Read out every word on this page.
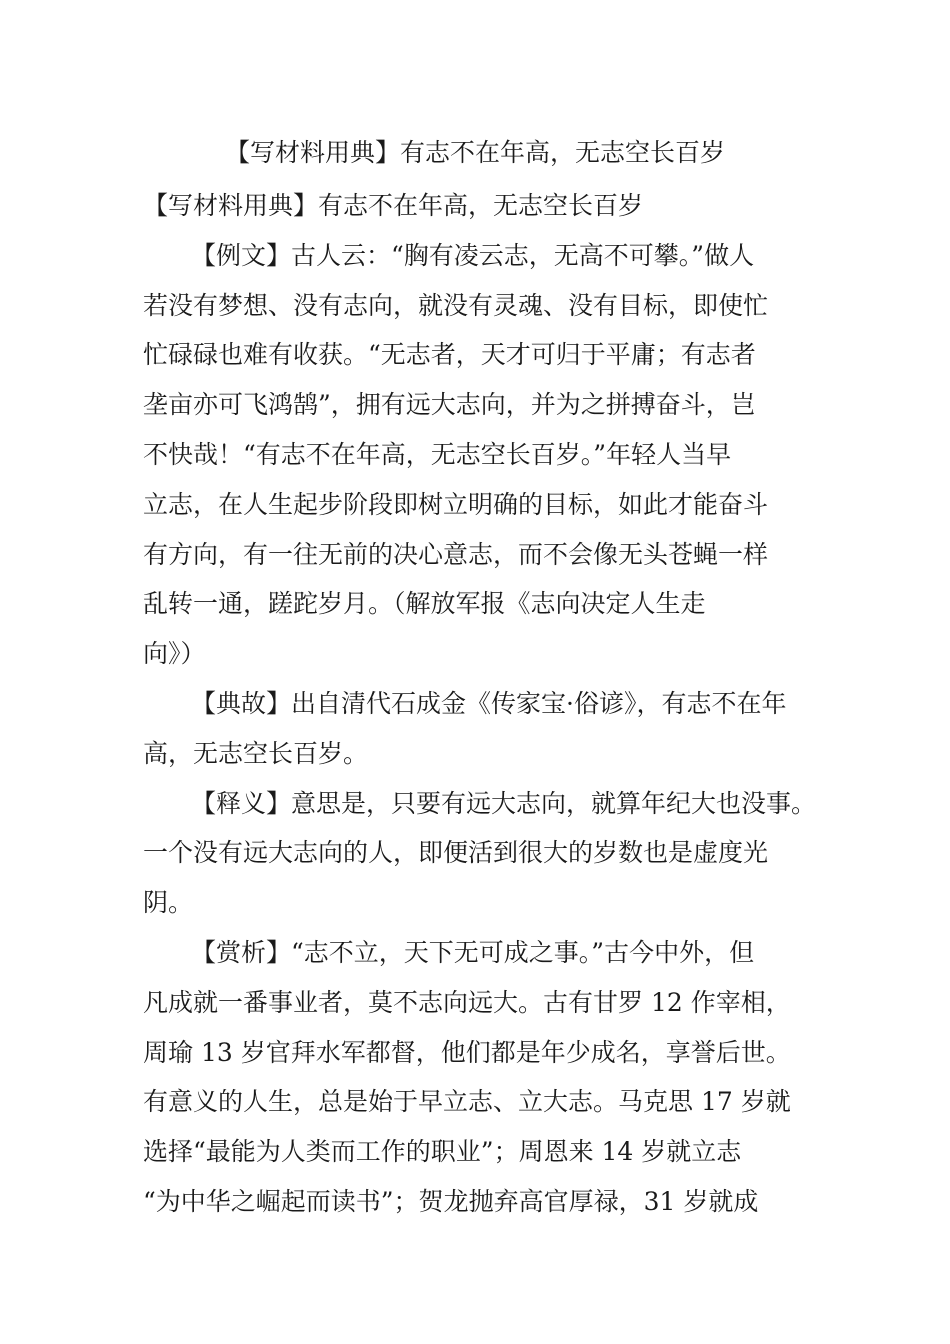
【写材料用典】有志不在年高，无志空长百岁
【写材料用典】有志不在年高，无志空长百岁
【例文】古人云：“胸有凌云志，无高不可攀。”做人
若没有梦想、没有志向，就没有灵魂、没有目标，即使忙
忙碌碌也难有收获。“无志者，天才可归于平庸；有志者
垄亩亦可飞鸿鹄”，拥有远大志向，并为之拼搏奋斗，岂
不快哉！“有志不在年高，无志空长百岁。”年轻人当早
立志，在人生起步阶段即树立明确的目标，如此才能奋斗
有方向，有一往无前的决心意志，而不会像无头苍蝇一样
乱转一通，蹉跎岁月。（解放军报《志向决定人生走
向》）
【典故】出自清代石成金《传家宝·俗谚》，有志不在年
高，无志空长百岁。
【释义】意思是，只要有远大志向，就算年纪大也没事。
一个没有远大志向的人，即便活到很大的岁数也是虚度光
阴。
【赏析】“志不立，天下无可成之事。”古今中外，但
凡成就一番事业者，莫不志向远大。古有甘罗 12 作宰相，
周瑜 13 岁官拜水军都督，他们都是年少成名，享誉后世。
有意义的人生，总是始于早立志、立大志。马克思 17 岁就
选择“最能为人类而工作的职业”；周恩来 14 岁就立志
“为中华之崛起而读书”；贺龙抛弃高官厚禄，31 岁就成
